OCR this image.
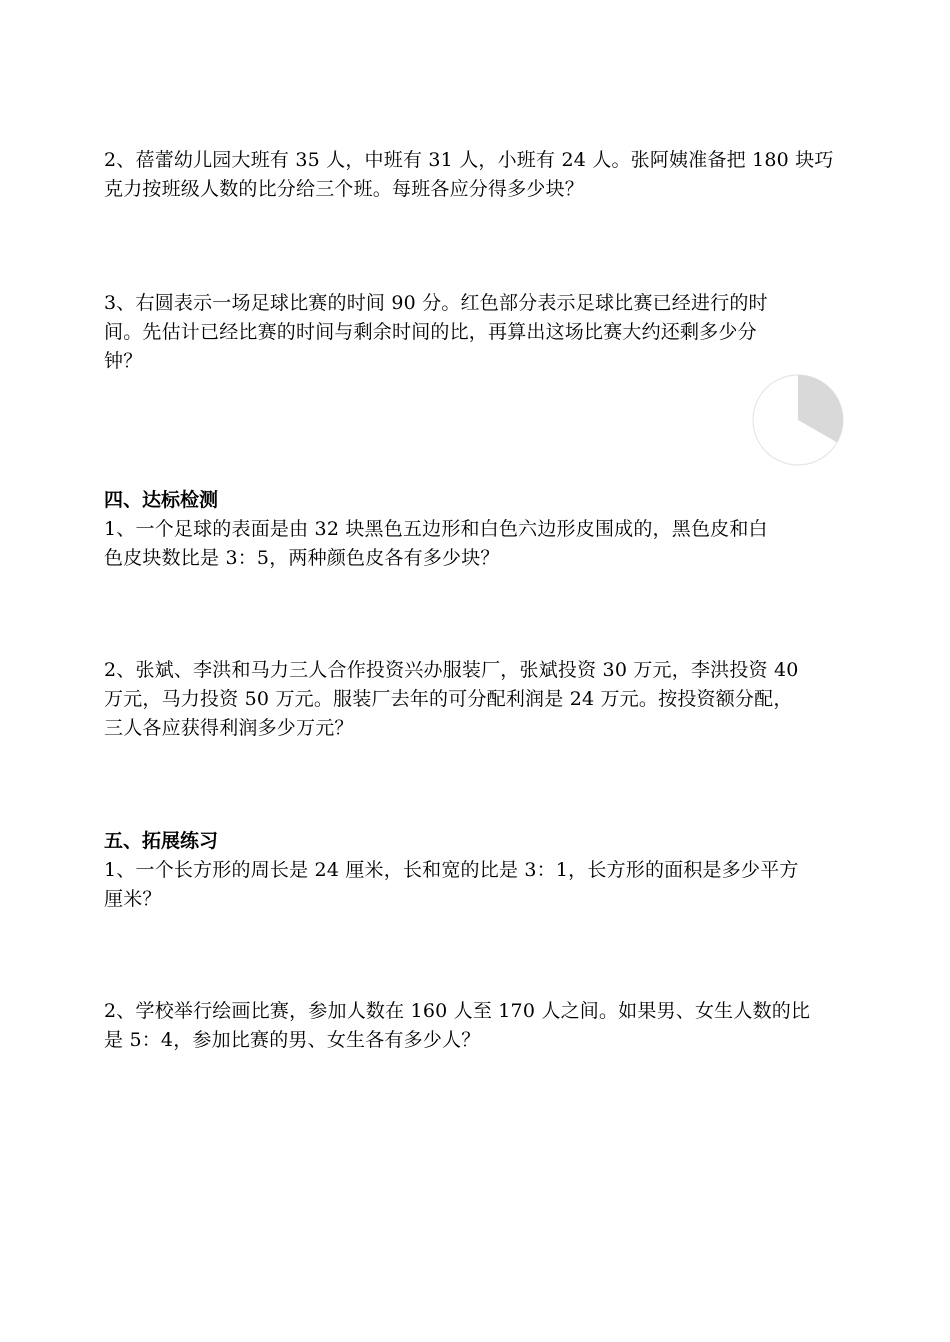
2、蓓蕾幼儿园大班有 35 人，中班有 31 人，小班有 24 人。张阿姨准备把 180 块巧
克力按班级人数的比分给三个班。每班各应分得多少块？
3、右圆表示一场足球比赛的时间 90 分。红色部分表示足球比赛已经进行的时
间。先估计已经比赛的时间与剩余时间的比，再算出这场比赛大约还剩多少分
钟？
四、达标检测
1、一个足球的表面是由 32 块黑色五边形和白色六边形皮围成的，黑色皮和白
色皮块数比是 3：5，两种颜色皮各有多少块？
2、张斌、李洪和马力三人合作投资兴办服装厂，张斌投资 30 万元，李洪投资 40
万元，马力投资 50 万元。服装厂去年的可分配利润是 24 万元。按投资额分配，
三人各应获得利润多少万元？
五、拓展练习
1、一个长方形的周长是 24 厘米，长和宽的比是 3：1，长方形的面积是多少平方
厘米？
2、学校举行绘画比赛，参加人数在 160 人至 170 人之间。如果男、女生人数的比
是 5：4，参加比赛的男、女生各有多少人？
